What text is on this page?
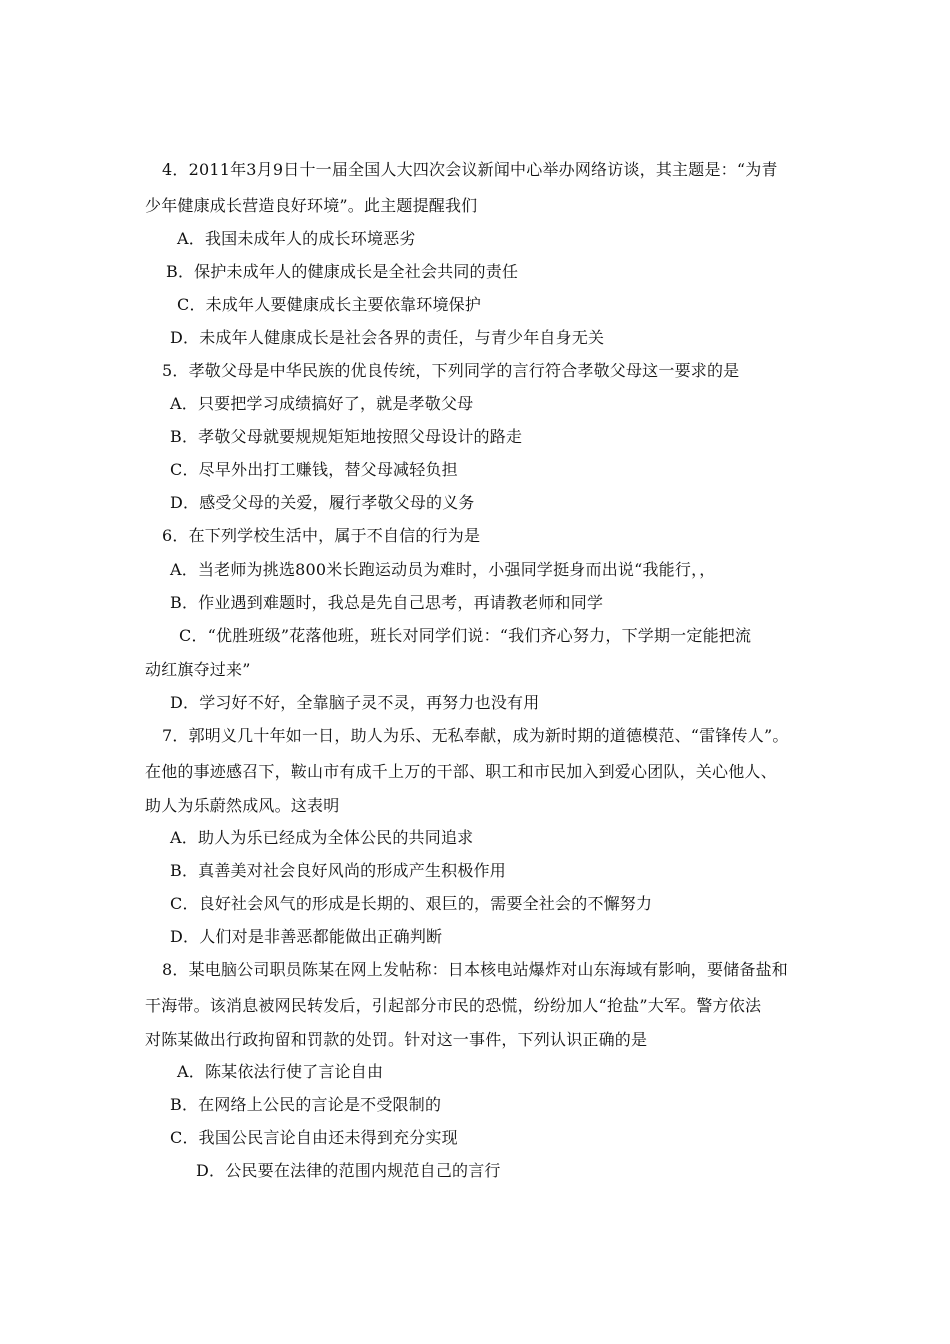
4．2011年3月9日十一届全国人大四次会议新闻中心举办网络访谈，其主题是：“为青
少年健康成长营造良好环境”。此主题提醒我们
A．我国未成年人的成长环境恶劣
B．保护未成年人的健康成长是全社会共同的责任
C．未成年人要健康成长主要依靠环境保护
D．未成年人健康成长是社会各界的责任，与青少年自身无关
5．孝敬父母是中华民族的优良传统，下列同学的言行符合孝敬父母这一要求的是
A．只要把学习成绩搞好了，就是孝敬父母
B．孝敬父母就要规规矩矩地按照父母设计的路走
C．尽早外出打工赚钱，替父母减轻负担
D．感受父母的关爱，履行孝敬父母的义务
6．在下列学校生活中，属于不自信的行为是
A．当老师为挑选800米长跑运动员为难时，小强同学挺身而出说“我能行，，
B．作业遇到难题时，我总是先自己思考，再请教老师和同学
C．“优胜班级”花落他班，班长对同学们说：“我们齐心努力，下学期一定能把流
动红旗夺过来”
D．学习好不好，全靠脑子灵不灵，再努力也没有用
7．郭明义几十年如一日，助人为乐、无私奉献，成为新时期的道德模范、“雷锋传人”。
在他的事迹感召下，鞍山市有成千上万的干部、职工和市民加入到爱心团队，关心他人、
助人为乐蔚然成风。这表明
A．助人为乐已经成为全体公民的共同追求
B．真善美对社会良好风尚的形成产生积极作用
C．良好社会风气的形成是长期的、艰巨的，需要全社会的不懈努力
D．人们对是非善恶都能做出正确判断
8．某电脑公司职员陈某在网上发帖称：日本核电站爆炸对山东海域有影响，要储备盐和
干海带。该消息被网民转发后，引起部分市民的恐慌，纷纷加人“抢盐”大军。警方依法
对陈某做出行政拘留和罚款的处罚。针对这一事件，下列认识正确的是
A．陈某依法行使了言论自由
B．在网络上公民的言论是不受限制的
C．我国公民言论自由还未得到充分实现
D．公民要在法律的范围内规范自己的言行
